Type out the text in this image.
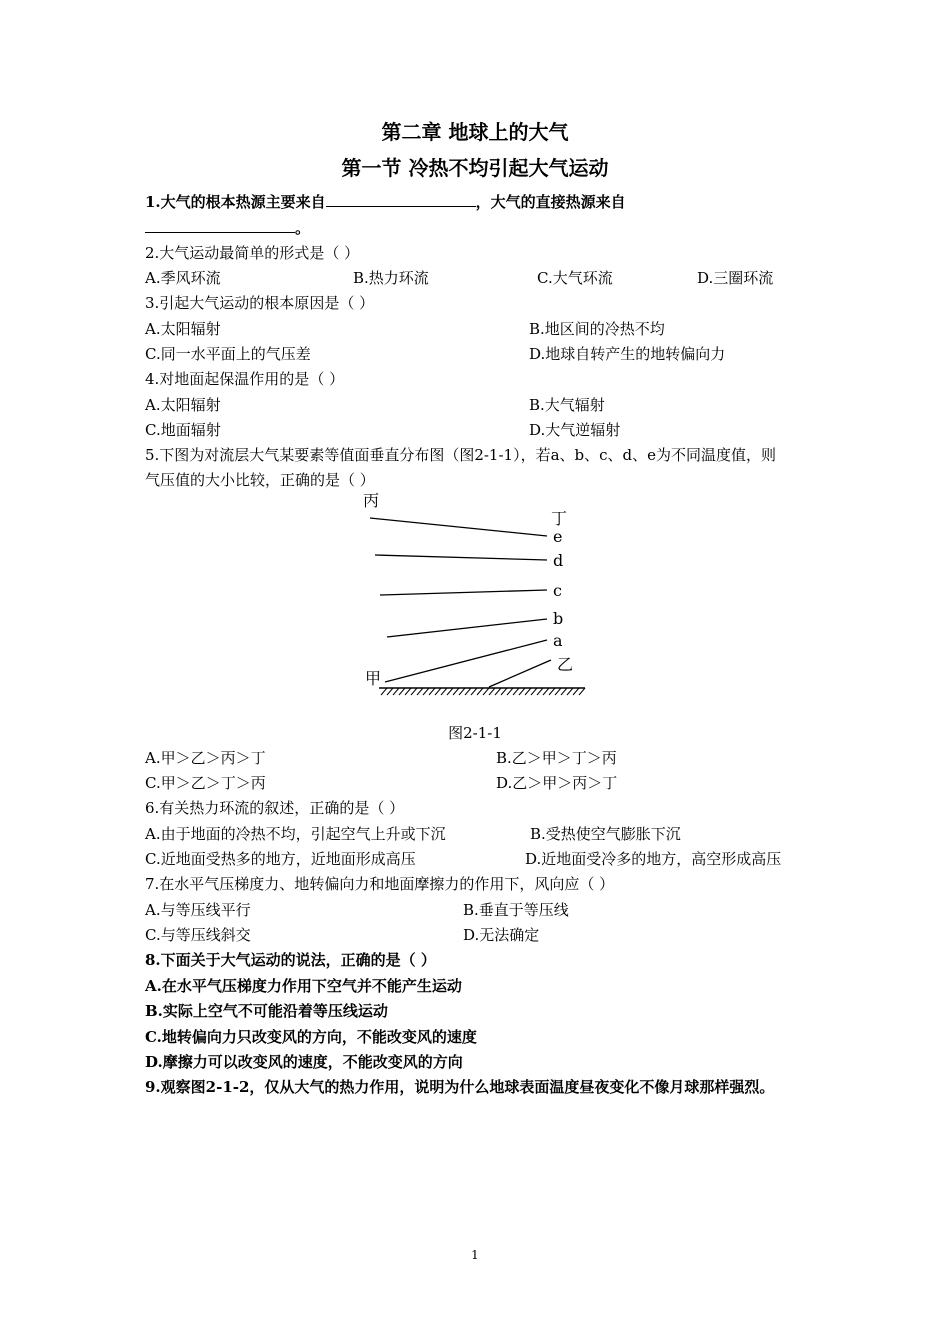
第二章 地球上的大气
第一节 冷热不均引起大气运动
1.大气的根本热源主要来自	，大气的直接热源来自
。
2.大气运动最简单的形式是（ ）
A.季风环流	B.热力环流	C.大气环流	D.三圈环流
3.引起大气运动的根本原因是（ ）
A.太阳辐射	B.地区间的冷热不均
C.同一水平面上的气压差	D.地球自转产生的地转偏向力
4.对地面起保温作用的是（ ）
A.太阳辐射	B.大气辐射
C.地面辐射	D.大气逆辐射
5.下图为对流层大气某要素等值面垂直分布图（图2-1-1），若a、b、c、d、e为不同温度值，则
气压值的大小比较，正确的是（ ）
丙
丁
e
d
c
b
a
乙
甲
图2-1-1
A.甲＞乙＞丙＞丁	B.乙＞甲＞丁＞丙
C.甲＞乙＞丁＞丙	D.乙＞甲＞丙＞丁
6.有关热力环流的叙述，正确的是（ ）
A.由于地面的冷热不均，引起空气上升或下沉	B.受热使空气膨胀下沉
C.近地面受热多的地方，近地面形成高压	D.近地面受冷多的地方，高空形成高压
7.在水平气压梯度力、地转偏向力和地面摩擦力的作用下，风向应（ ）
A.与等压线平行	B.垂直于等压线
C.与等压线斜交	D.无法确定
8.下面关于大气运动的说法，正确的是（ ）
A.在水平气压梯度力作用下空气并不能产生运动
B.实际上空气不可能沿着等压线运动
C.地转偏向力只改变风的方向，不能改变风的速度
D.摩擦力可以改变风的速度，不能改变风的方向
9.观察图2-1-2，仅从大气的热力作用，说明为什么地球表面温度昼夜变化不像月球那样强烈。
1
